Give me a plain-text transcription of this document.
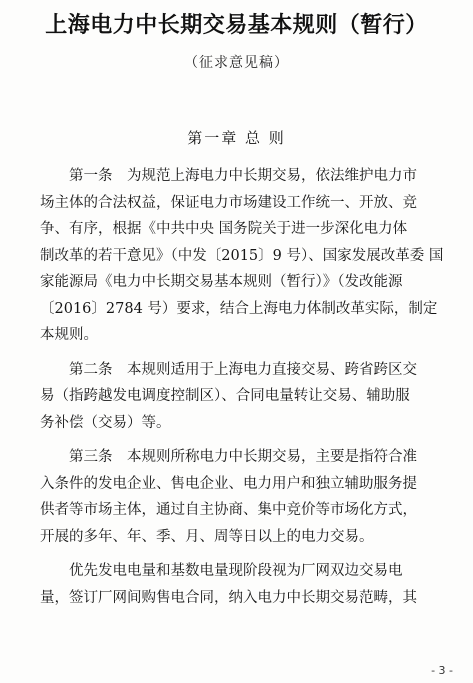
上海电力中长期交易基本规则（暂行）
（征求意见稿）
第一章 总 则
第一条　为规范上海电力中长期交易，依法维护电力市
场主体的合法权益，保证电力市场建设工作统一、开放、竞
争、有序，根据《中共中央 国务院关于进一步深化电力体
制改革的若干意见》（中发〔2015〕9 号）、国家发展改革委 国
家能源局《电力中长期交易基本规则（暂行）》（发改能源
〔2016〕2784 号）要求，结合上海电力体制改革实际，制定
本规则。
第二条　本规则适用于上海电力直接交易、跨省跨区交
易（指跨越发电调度控制区）、合同电量转让交易、辅助服
务补偿（交易）等。
第三条　本规则所称电力中长期交易，主要是指符合准
入条件的发电企业、售电企业、电力用户和独立辅助服务提
供者等市场主体，通过自主协商、集中竞价等市场化方式，
开展的多年、年、季、月、周等日以上的电力交易。
优先发电电量和基数电量现阶段视为厂网双边交易电
量，签订厂网间购售电合同，纳入电力中长期交易范畴，其
- 3 -
